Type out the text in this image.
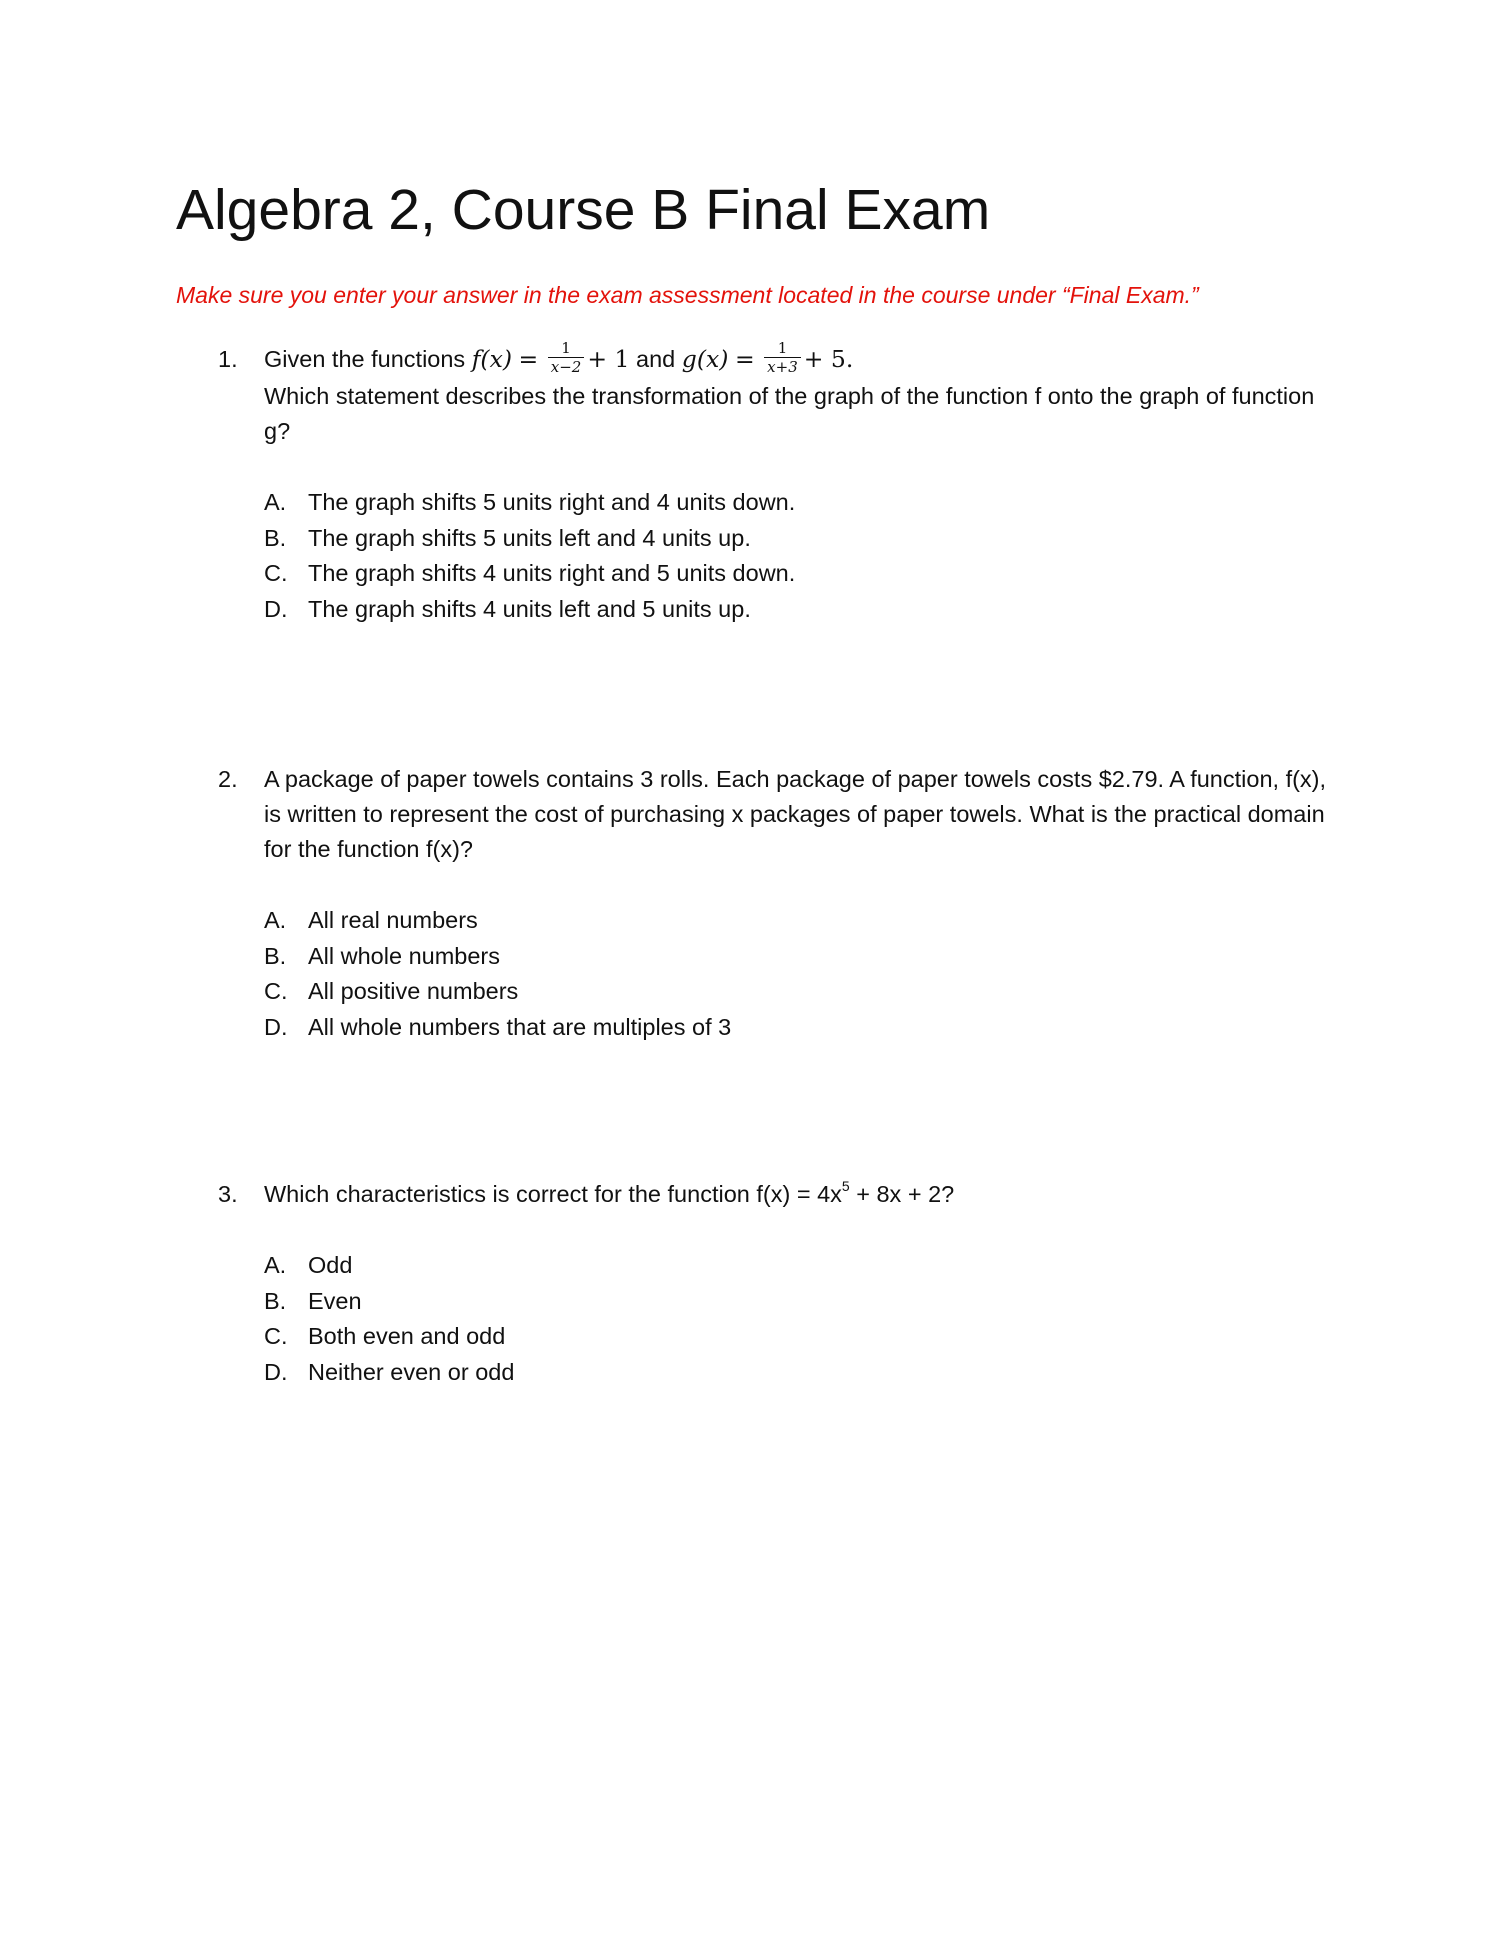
Algebra 2, Course B Final Exam

Make sure you enter your answer in the exam assessment located in the course under “Final Exam.”

1. Given the functions $f(x) = \frac{1}{x-2} + 1$ and $g(x) = \frac{1}{x+3} + 5$.

Which statement describes the transformation of the graph of the function f onto the graph of function g?

A. The graph shifts 5 units right and 4 units down.
B. The graph shifts 5 units left and 4 units up.
C. The graph shifts 4 units right and 5 units down.
D. The graph shifts 4 units left and 5 units up.
2. A package of paper towels contains 3 rolls. Each package of paper towels costs $2.79. A function, f(x), is written to represent the cost of purchasing x packages of paper towels. What is the practical domain for the function f(x)?

A. All real numbers
B. All whole numbers
C. All positive numbers
D. All whole numbers that are multiples of 3
3. Which characteristics is correct for the function $f(x) = 4x^5 + 8x + 2$?

A. Odd
B. Even
C. Both even and odd
D. Neither even or odd
